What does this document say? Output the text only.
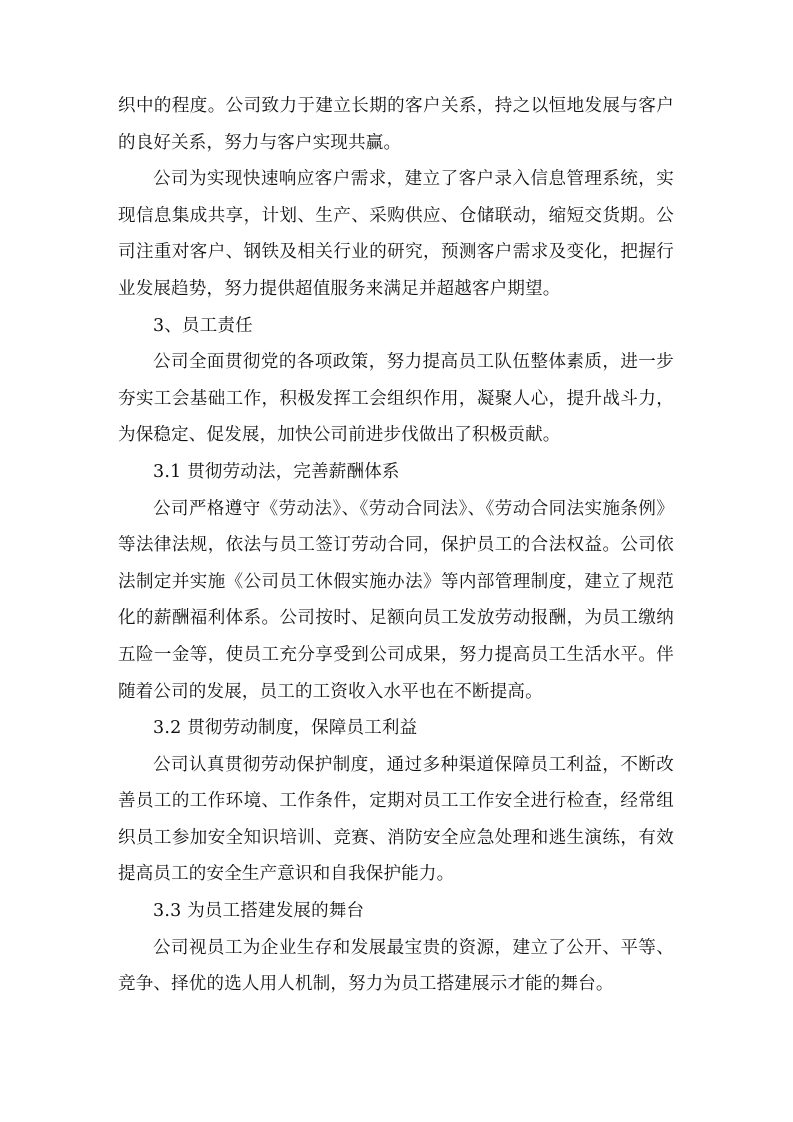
织中的程度。公司致力于建立长期的客户关系，持之以恒地发展与客户的良好关系，努力与客户实现共赢。

公司为实现快速响应客户需求，建立了客户录入信息管理系统，实现信息集成共享，计划、生产、采购供应、仓储联动，缩短交货期。公司注重对客户、钢铁及相关行业的研究，预测客户需求及变化，把握行业发展趋势，努力提供超值服务来满足并超越客户期望。

3、员工责任

公司全面贯彻党的各项政策，努力提高员工队伍整体素质，进一步夯实工会基础工作，积极发挥工会组织作用，凝聚人心，提升战斗力，为保稳定、促发展，加快公司前进步伐做出了积极贡献。

3.1 贯彻劳动法，完善薪酬体系

公司严格遵守《劳动法》、《劳动合同法》、《劳动合同法实施条例》等法律法规，依法与员工签订劳动合同，保护员工的合法权益。公司依法制定并实施《公司员工休假实施办法》等内部管理制度，建立了规范化的薪酬福利体系。公司按时、足额向员工发放劳动报酬，为员工缴纳五险一金等，使员工充分享受到公司成果，努力提高员工生活水平。伴随着公司的发展，员工的工资收入水平也在不断提高。

3.2 贯彻劳动制度，保障员工利益

公司认真贯彻劳动保护制度，通过多种渠道保障员工利益，不断改善员工的工作环境、工作条件，定期对员工工作安全进行检查，经常组织员工参加安全知识培训、竞赛、消防安全应急处理和逃生演练，有效提高员工的安全生产意识和自我保护能力。

3.3 为员工搭建发展的舞台

公司视员工为企业生存和发展最宝贵的资源，建立了公开、平等、竞争、择优的选人用人机制，努力为员工搭建展示才能的舞台。
